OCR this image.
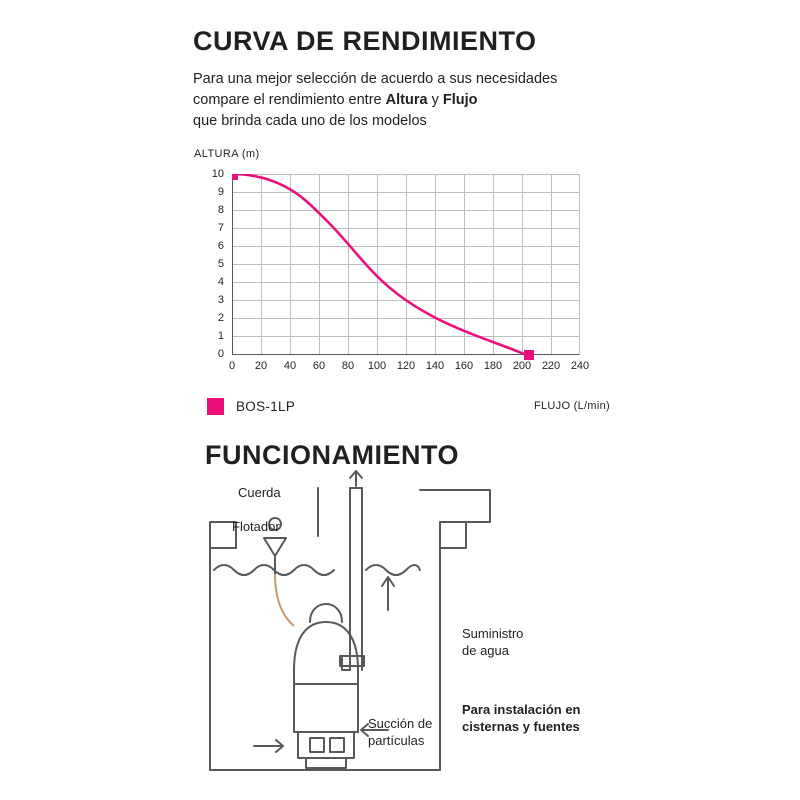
CURVA DE RENDIMIENTO
Para una mejor selección de acuerdo a sus necesidades
compare el rendimiento entre Altura y Flujo
que brinda cada uno de los modelos
ALTURA (m)
FLUJO (L/min)
10
9
8
7
6
5
4
3
2
1
0
0	20	40	60	80	100 120 140 160 180 200 220 240
BOS-1LP
FUNCIONAMIENTO
Cuerda
Flotador
Suministro
de agua
Succión de
partículas
Para instalación en
cisternas y fuentes
